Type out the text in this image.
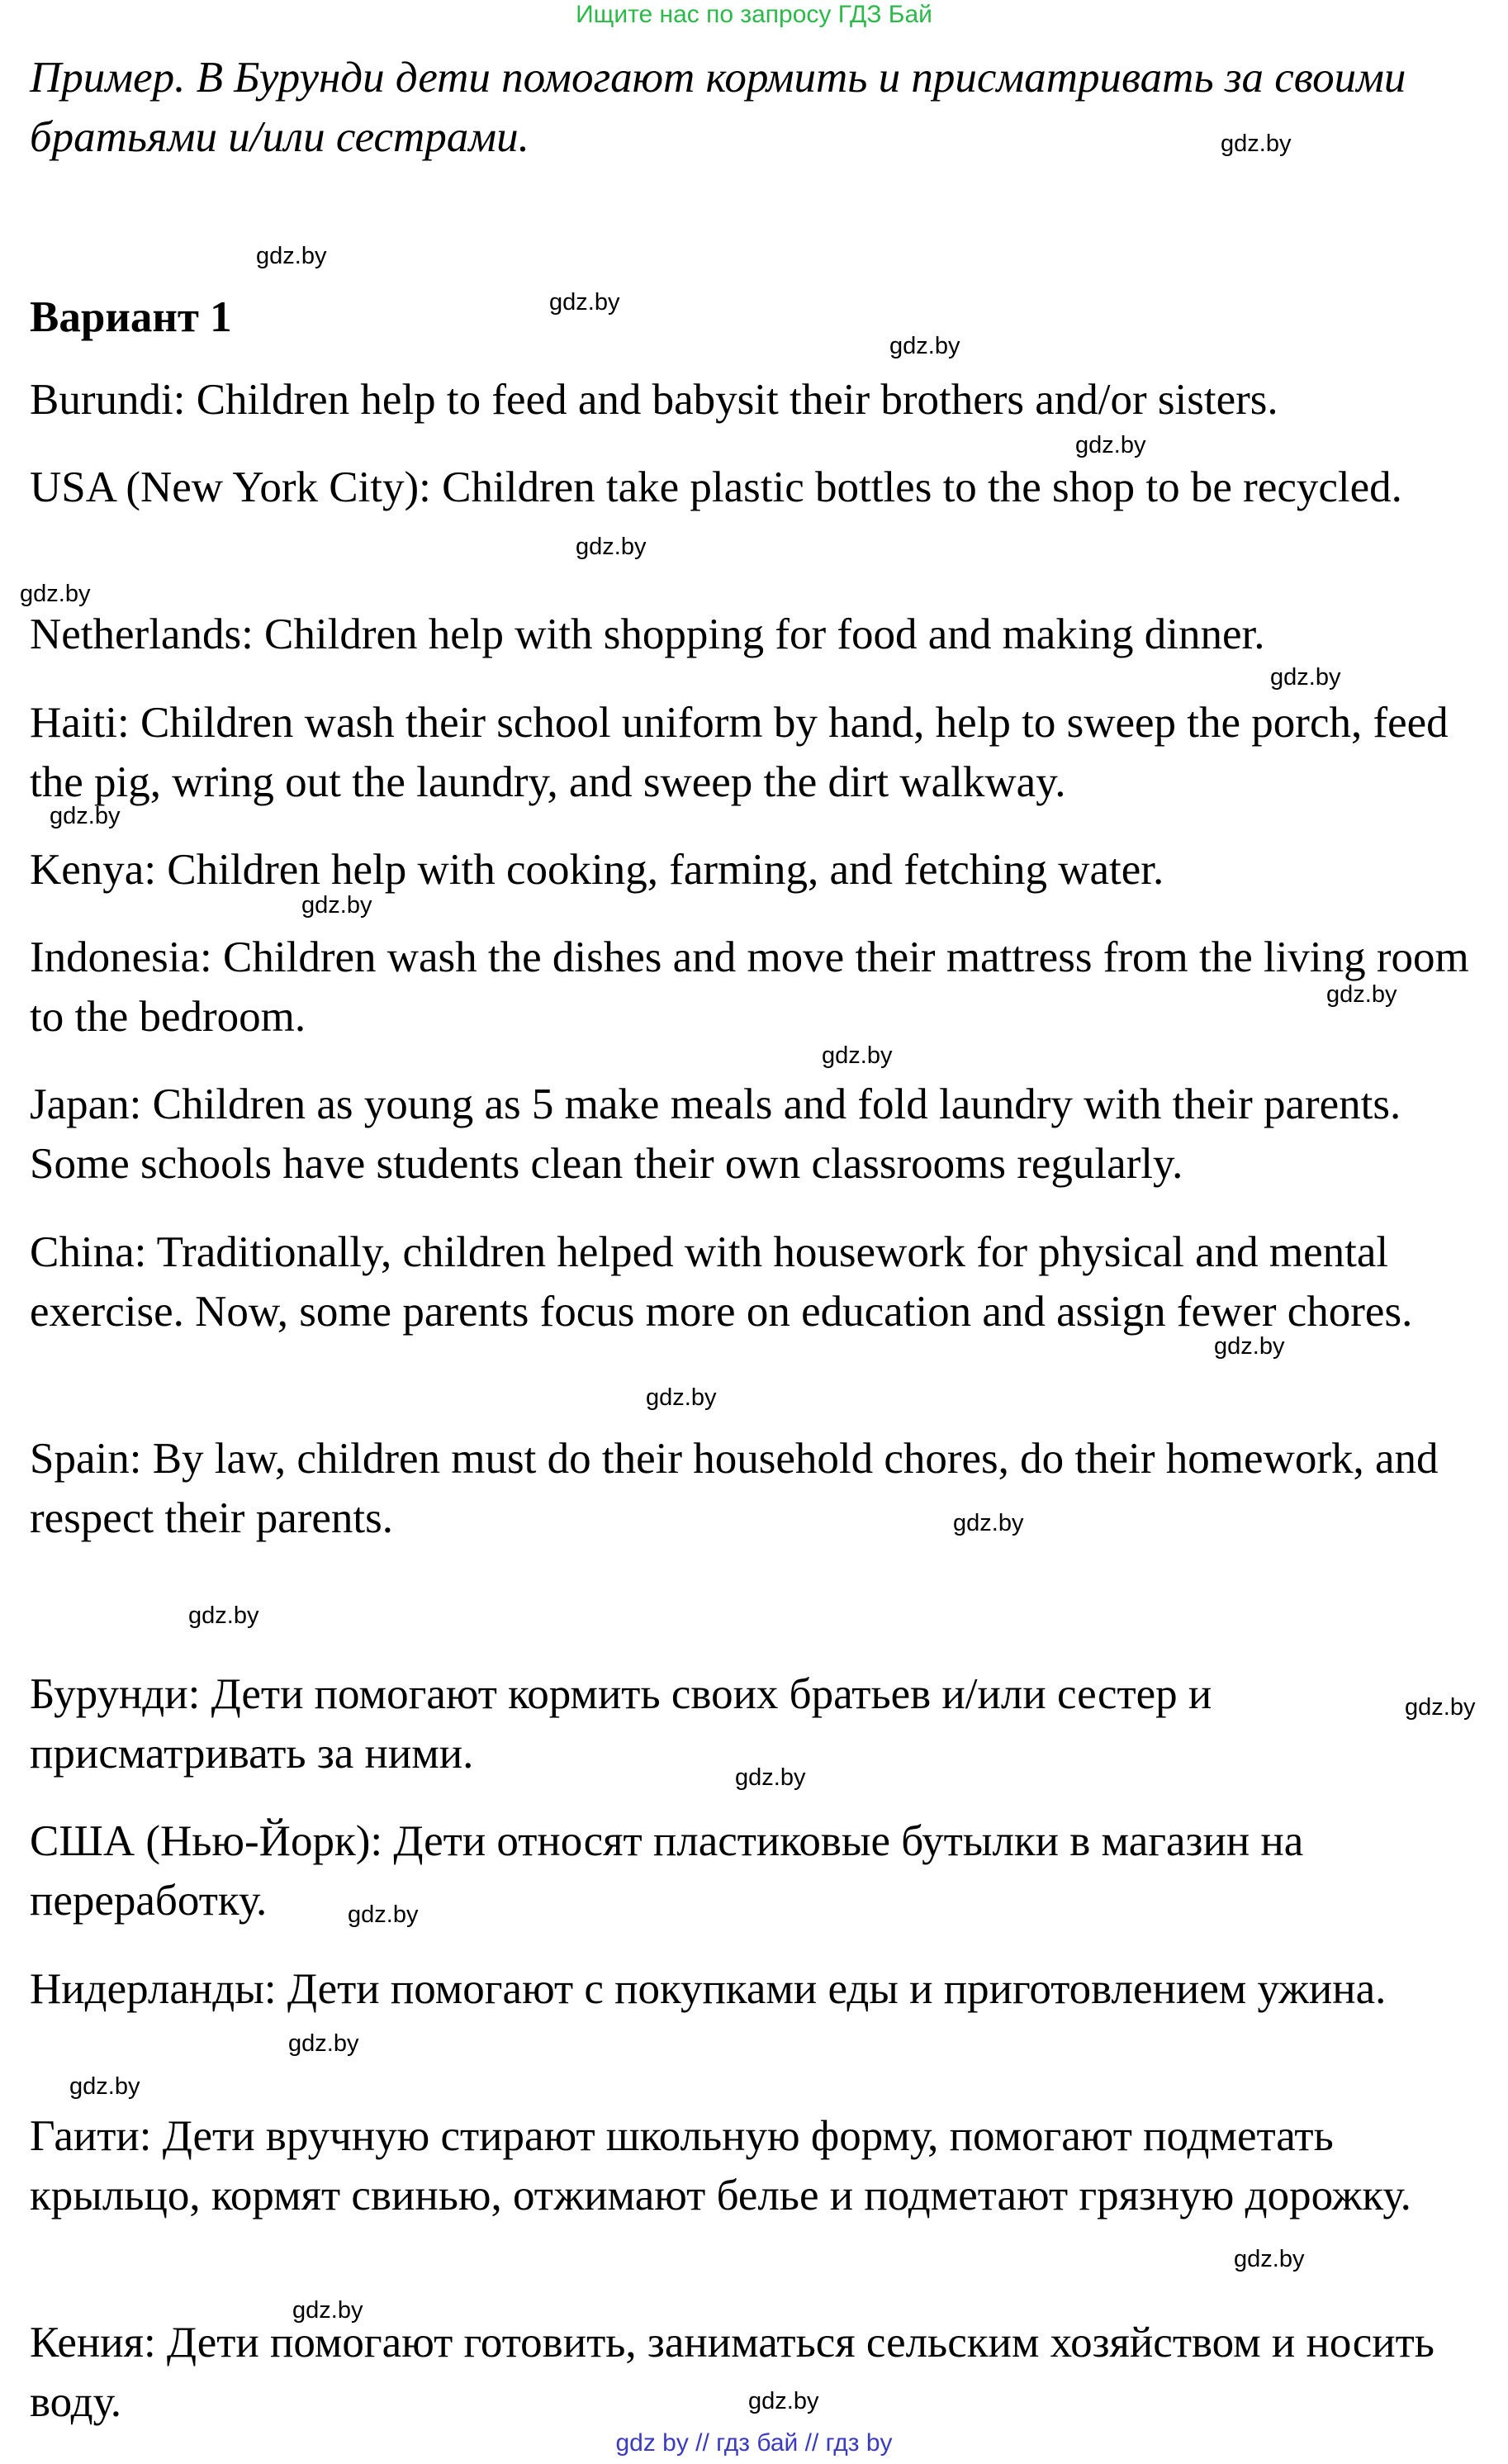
Ищите нас по запросу ГДЗ Бай

Пример. В Бурунди дети помогают кормить и присматривать за своими братьями и/или сестрами.

Вариант 1

Burundi: Children help to feed and babysit their brothers and/or sisters.

USA (New York City): Children take plastic bottles to the shop to be recycled.

Netherlands: Children help with shopping for food and making dinner.

Haiti: Children wash their school uniform by hand, help to sweep the porch, feed the pig, wring out the laundry, and sweep the dirt walkway.

Kenya: Children help with cooking, farming, and fetching water.

Indonesia: Children wash the dishes and move their mattress from the living room to the bedroom.

Japan: Children as young as 5 make meals and fold laundry with their parents. Some schools have students clean their own classrooms regularly.

China: Traditionally, children helped with housework for physical and mental exercise. Now, some parents focus more on education and assign fewer chores.

Spain: By law, children must do their household chores, do their homework, and respect their parents.

Бурунди: Дети помогают кормить своих братьев и/или сестер и присматривать за ними.

США (Нью-Йорк): Дети относят пластиковые бутылки в магазин на переработку.

Нидерланды: Дети помогают с покупками еды и приготовлением ужина.

Гаити: Дети вручную стирают школьную форму, помогают подметать крыльцо, кормят свинью, отжимают белье и подметают грязную дорожку.

Кения: Дети помогают готовить, заниматься сельским хозяйством и носить воду.

gdz.by
gdz.by
gdz.by
gdz.by
gdz.by
gdz.by
gdz.by
gdz.by
gdz.by
gdz.by
gdz.by
gdz.by
gdz.by
gdz.by
gdz.by
gdz.by
gdz.by
gdz.by
gdz.by
gdz.by
gdz.by
gdz.by
gdz.by
gdz.by
gdz by // гдз бай // гдз by
